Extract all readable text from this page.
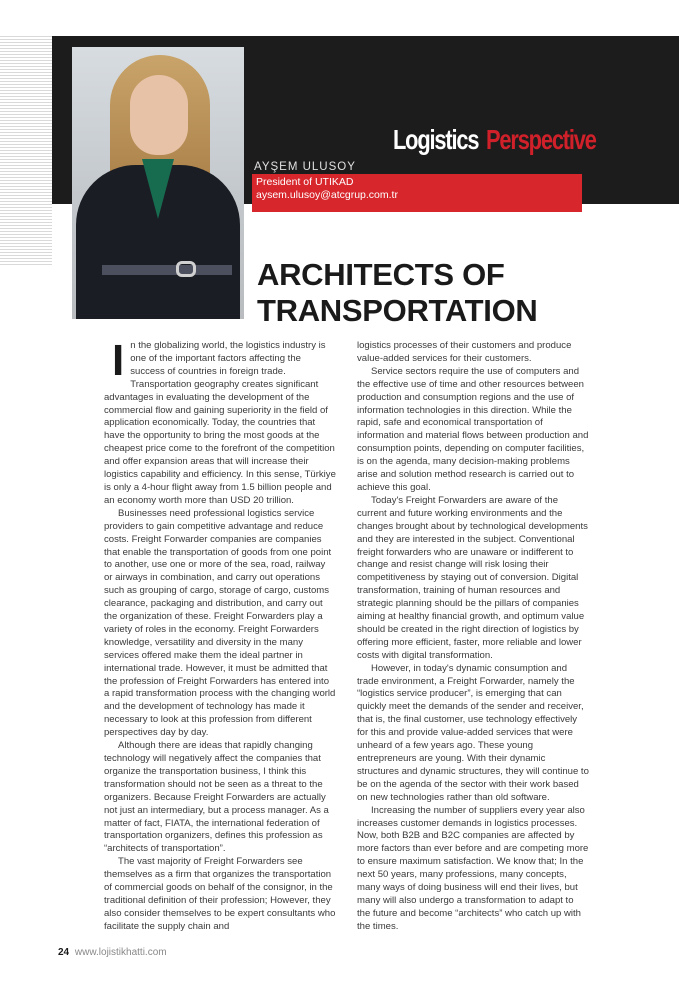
Logistics Perspective
AYŞEM ULUSOY
President of UTIKAD
aysem.ulusoy@atcgrup.com.tr
ARCHITECTS OF
TRANSPORTATION
I n the globalizing world, the logistics industry is one of the important factors affecting the success of countries in foreign trade. Transportation geography creates significant advantages in evaluating the development of the commercial flow and gaining superiority in the field of application economically. Today, the countries that have the opportunity to bring the most goods at the cheapest price come to the forefront of the competition and offer expansion areas that will increase their logistics capability and efficiency. In this sense, Türkiye is only a 4-hour flight away from 1.5 billion people and an economy worth more than USD 20 trillion.

Businesses need professional logistics service providers to gain competitive advantage and reduce costs. Freight Forwarder companies are companies that enable the transportation of goods from one point to another, use one or more of the sea, road, railway or airways in combination, and carry out operations such as grouping of cargo, storage of cargo, customs clearance, packaging and distribution, and carry out the organization of these. Freight Forwarders play a variety of roles in the economy. Freight Forwarders knowledge, versatility and diversity in the many services offered make them the ideal partner in international trade. However, it must be admitted that the profession of Freight Forwarders has entered into a rapid transformation process with the changing world and the development of technology has made it necessary to look at this profession from different perspectives day by day.

Although there are ideas that rapidly changing technology will negatively affect the companies that organize the transportation business, I think this transformation should not be seen as a threat to the organizers. Because Freight Forwarders are actually not just an intermediary, but a process manager. As a matter of fact, FIATA, the international federation of transportation organizers, defines this profession as “architects of transportation”.

The vast majority of Freight Forwarders see themselves as a firm that organizes the transportation of commercial goods on behalf of the consignor, in the traditional definition of their profession; However, they also consider themselves to be expert consultants who facilitate the supply chain and

logistics processes of their customers and produce value-added services for their customers.

Service sectors require the use of computers and the effective use of time and other resources between production and consumption regions and the use of information technologies in this direction. While the rapid, safe and economical transportation of information and material flows between production and consumption points, depending on computer facilities, is on the agenda, many decision-making problems arise and solution method research is carried out to achieve this goal.

Today's Freight Forwarders are aware of the current and future working environments and the changes brought about by technological developments and they are interested in the subject. Conventional freight forwarders who are unaware or indifferent to change and resist change will risk losing their competitiveness by staying out of conversion. Digital transformation, training of human resources and strategic planning should be the pillars of companies aiming at healthy financial growth, and optimum value should be created in the right direction of logistics by offering more efficient, faster, more reliable and lower costs with digital transformation.

However, in today's dynamic consumption and trade environment, a Freight Forwarder, namely the “logistics service producer”, is emerging that can quickly meet the demands of the sender and receiver, that is, the final customer, use technology effectively for this and provide value-added services that were unheard of a few years ago. These young entrepreneurs are young. With their dynamic structures and dynamic structures, they will continue to be on the agenda of the sector with their work based on new technologies rather than old software.

Increasing the number of suppliers every year also increases customer demands in logistics processes. Now, both B2B and B2C companies are affected by more factors than ever before and are competing more to ensure maximum satisfaction. We know that; In the next 50 years, many professions, many concepts, many ways of doing business will end their lives, but many will also undergo a transformation to adapt to the future and become “architects” who catch up with the times.

24 www.lojistikhatti.com
